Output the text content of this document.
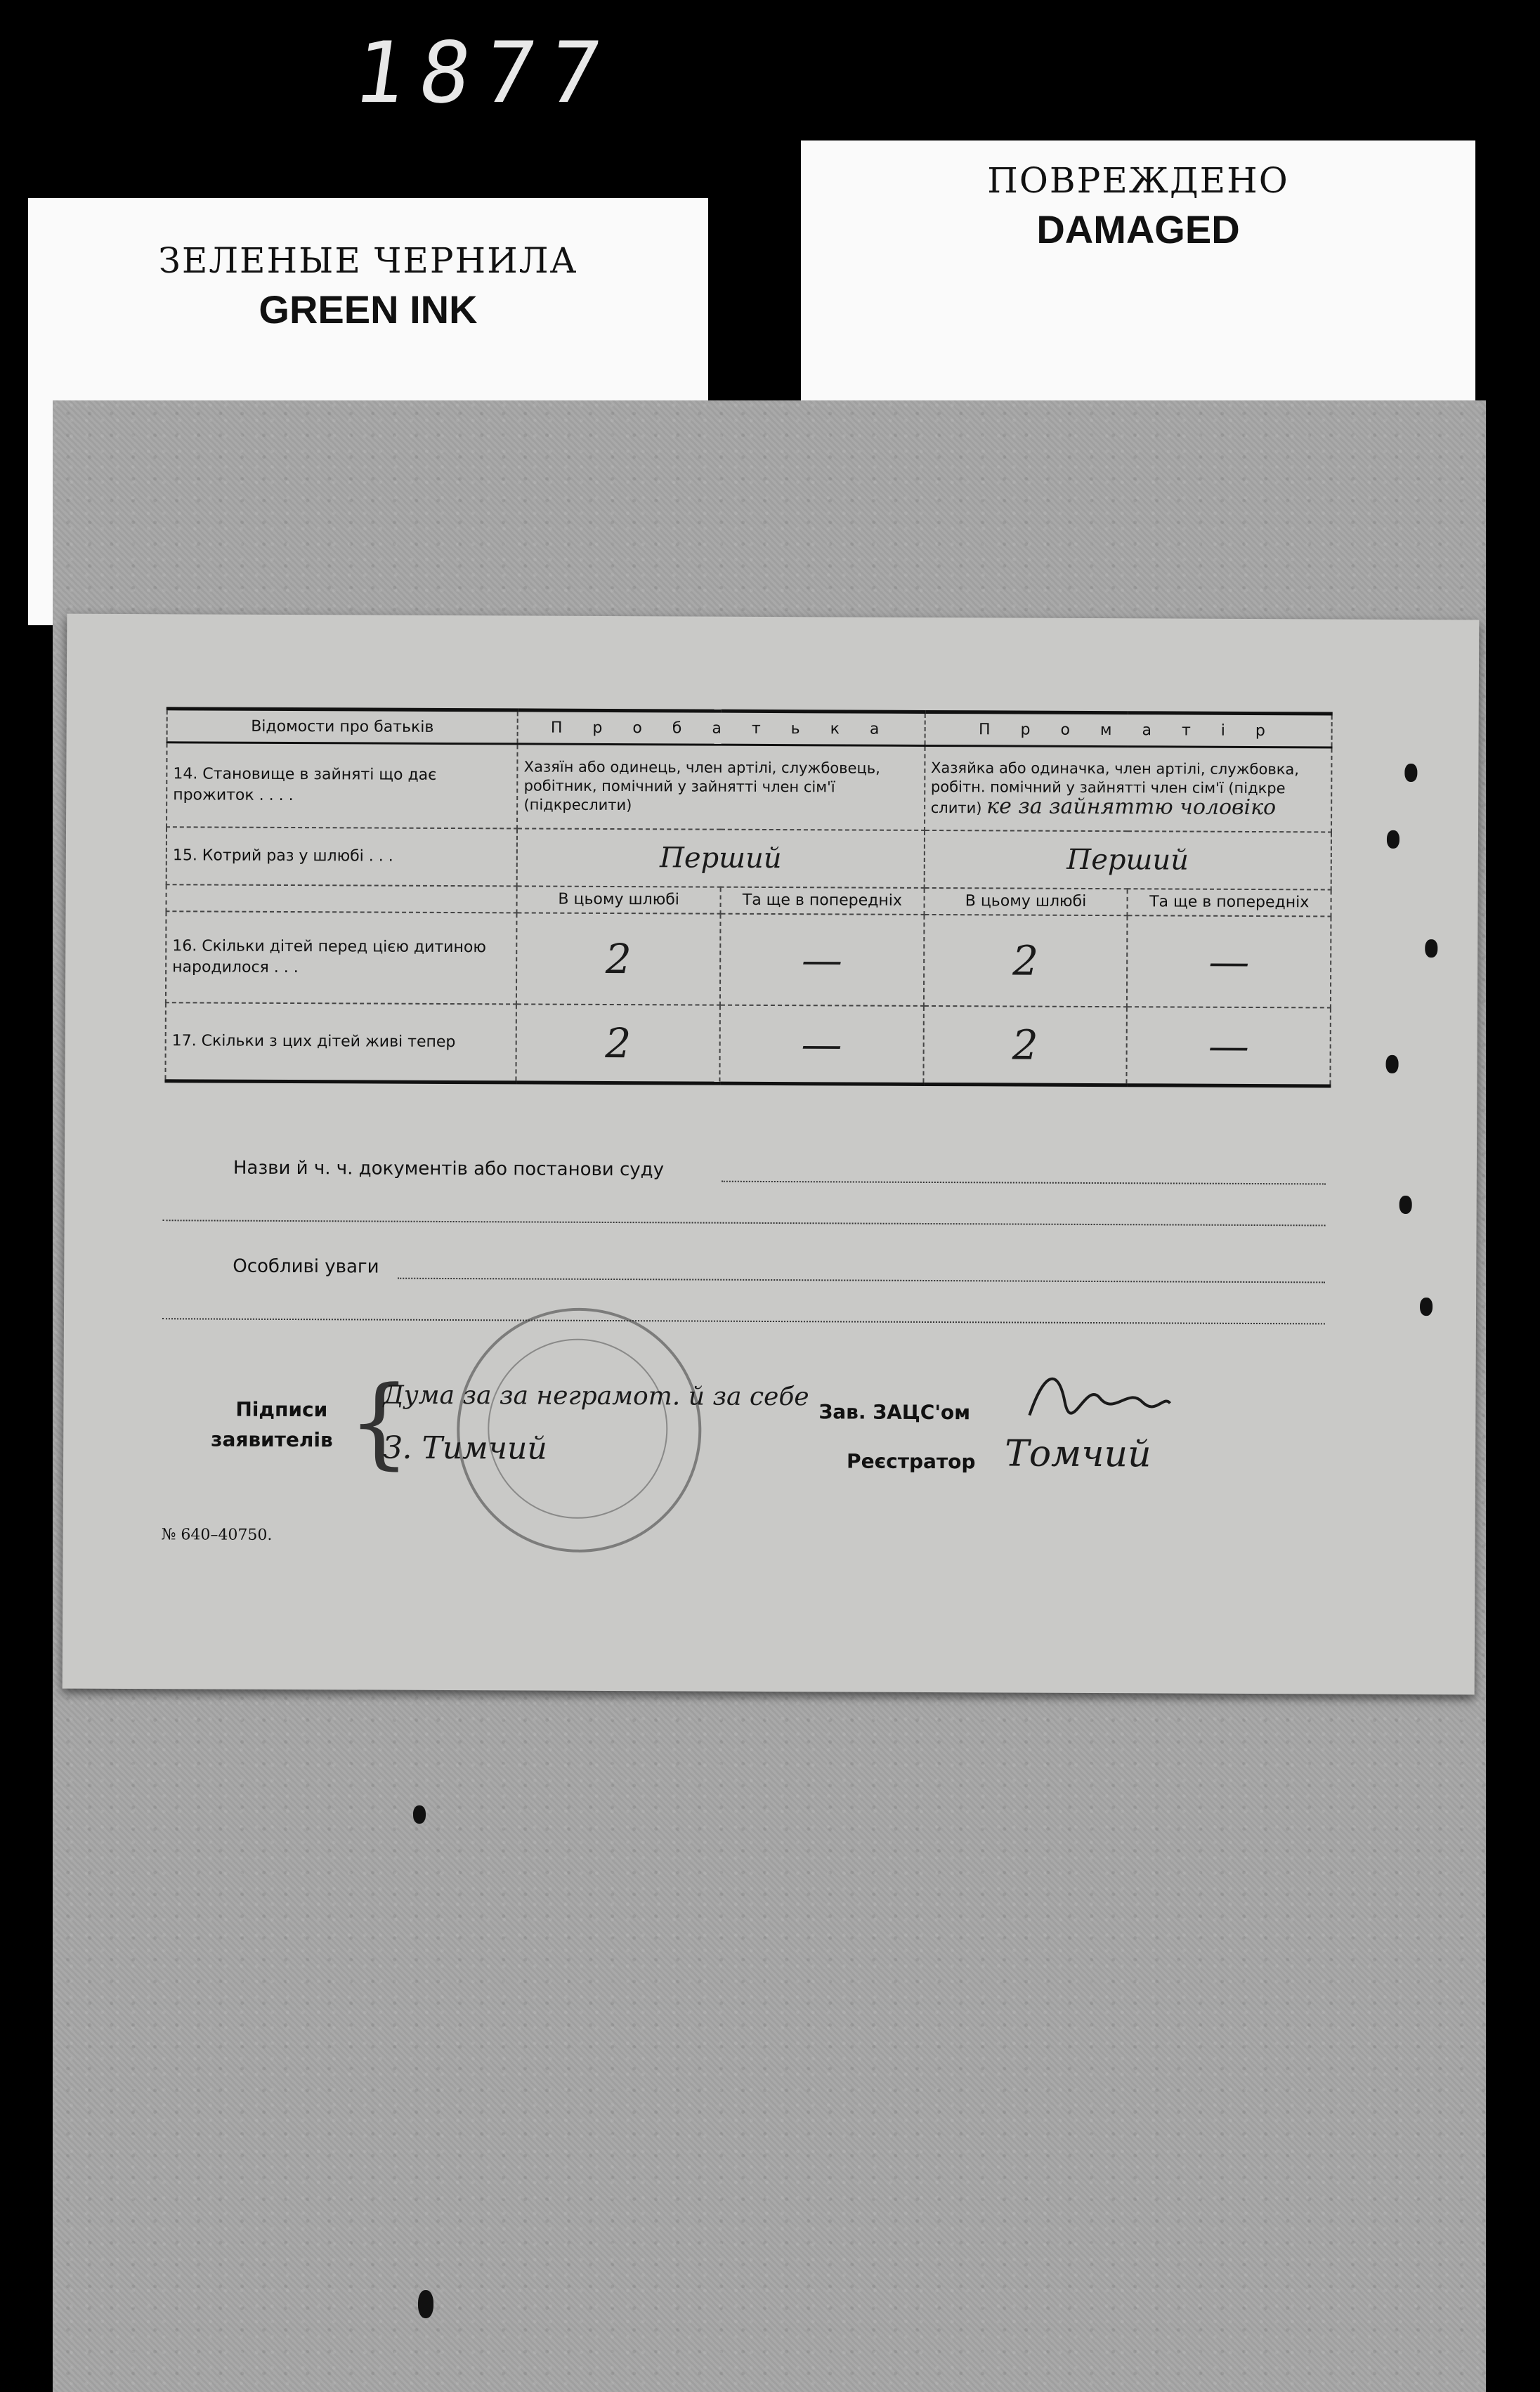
1877
ЗЕЛЕНЫЕ ЧЕРНИЛА
GREEN INK
ПОВРЕЖДЕНО
DAMAGED
Відомости про батьків	П р о б а т ь к а		П р о м а т і р	
14. Становище в зайняті що дає прожиток . . . .	Хазяїн або одинець, член артілі, службовець, робітник, помічний у зайнятті член сім'ї (підкреслити)		Хазяйка або одиначка, член артілі, службовка, робітн. помічний у зайнятті член сім'ї (підкре слити) ке за зайняттю чоловіко	
15. Котрий раз у шлюбі . . .	Перший		Перший	
	В цьому шлюбі	Та ще в попередніх	В цьому шлюбі	Та ще в попередніх
16. Скільки дітей перед цією дитиною народилося . . .	2	—	2	—
17. Скільки з цих дітей живі тепер	2	—	2	—
Назви й ч. ч. документів або постанови суду
Особливі уваги
Підписи
заявителів {
Дума за за неграмот. й за себе
З. Тимчий
Зав. ЗАЦС'ом
Реєстратор Томчий
№ 640–40750.
